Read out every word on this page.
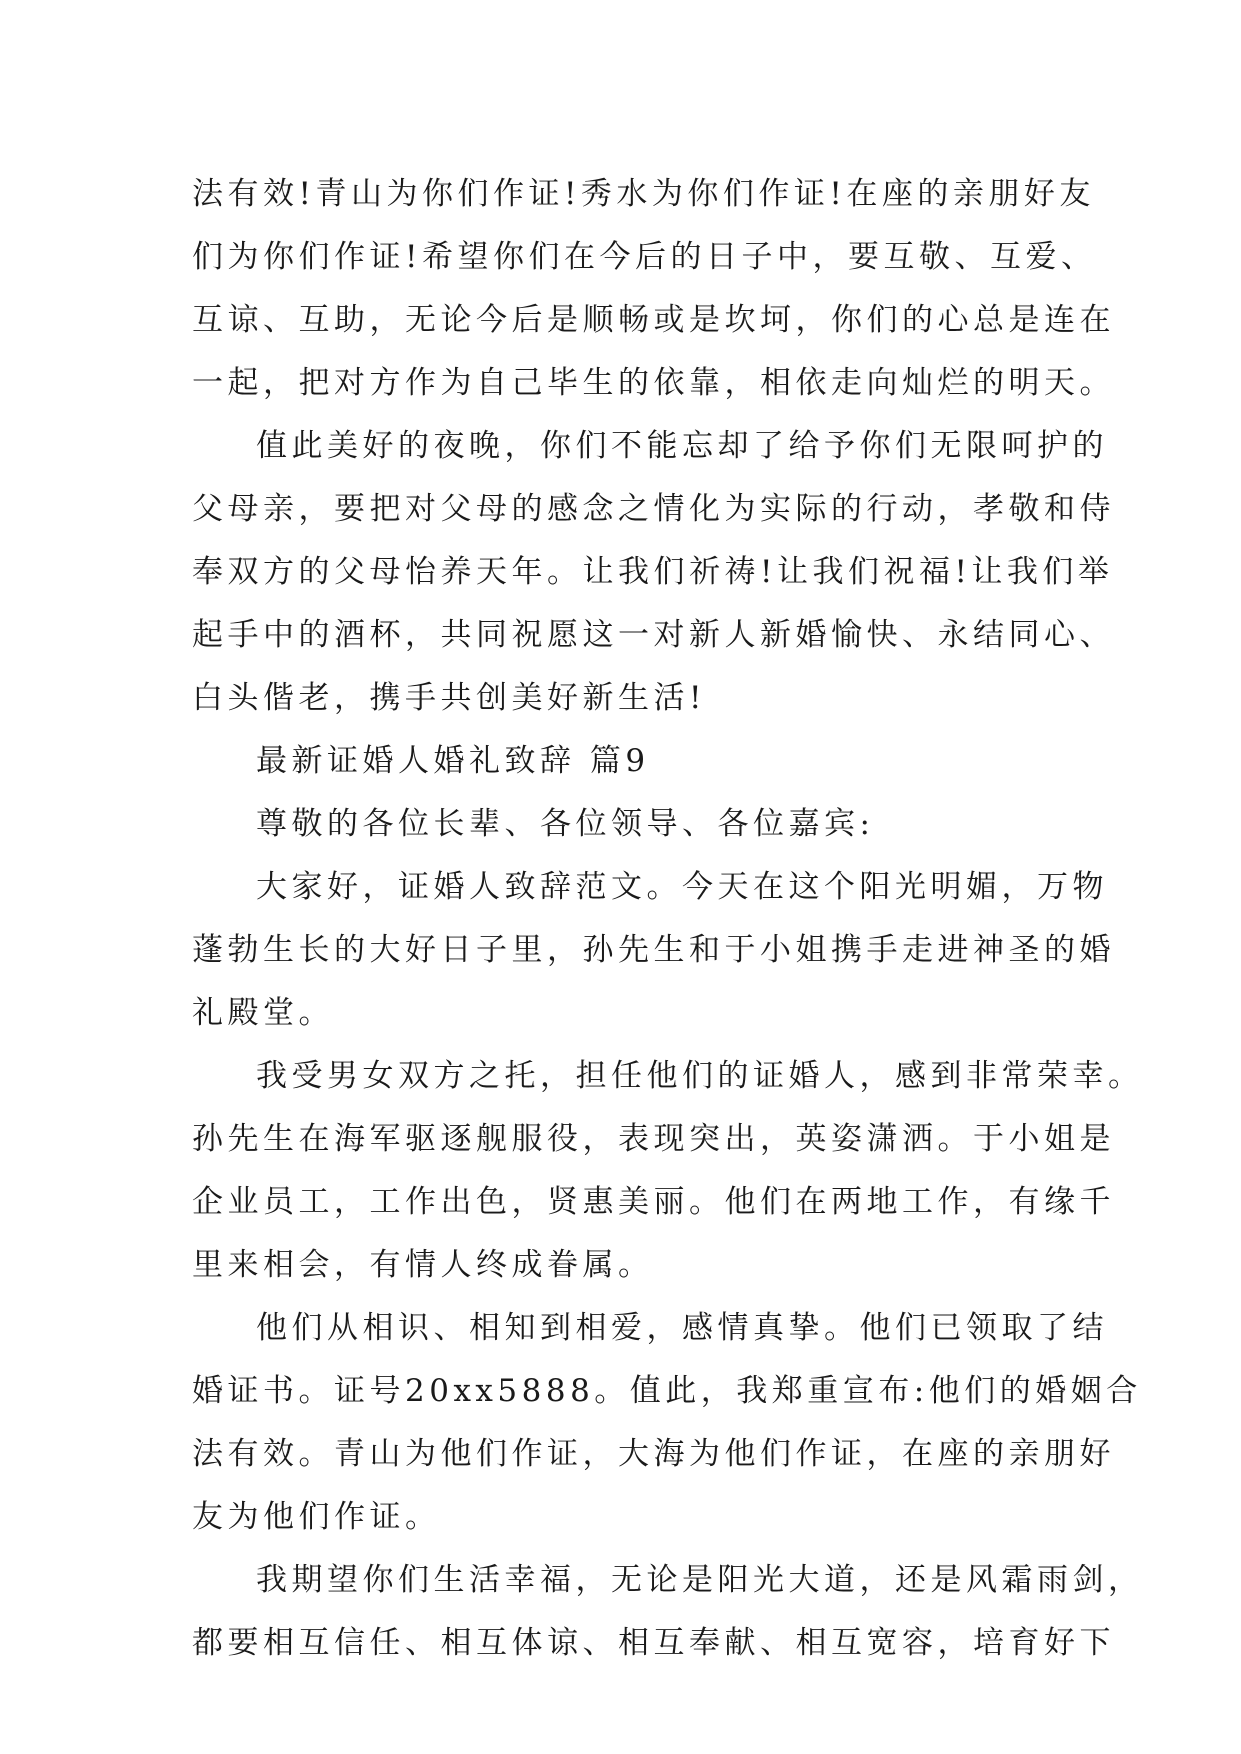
法有效!青山为你们作证!秀水为你们作证!在座的亲朋好友
们为你们作证!希望你们在今后的日子中，要互敬、互爱、
互谅、互助，无论今后是顺畅或是坎坷，你们的心总是连在
一起，把对方作为自己毕生的依靠，相依走向灿烂的明天。
值此美好的夜晚，你们不能忘却了给予你们无限呵护的
父母亲，要把对父母的感念之情化为实际的行动，孝敬和侍
奉双方的父母怡养天年。让我们祈祷!让我们祝福!让我们举
起手中的酒杯，共同祝愿这一对新人新婚愉快、永结同心、
白头偕老，携手共创美好新生活!
最新证婚人婚礼致辞 篇9
尊敬的各位长辈、各位领导、各位嘉宾:
大家好，证婚人致辞范文。今天在这个阳光明媚，万物
蓬勃生长的大好日子里，孙先生和于小姐携手走进神圣的婚
礼殿堂。
我受男女双方之托，担任他们的证婚人，感到非常荣幸。
孙先生在海军驱逐舰服役，表现突出，英姿潇洒。于小姐是
企业员工，工作出色，贤惠美丽。他们在两地工作，有缘千
里来相会，有情人终成眷属。
他们从相识、相知到相爱，感情真挚。他们已领取了结
婚证书。证号20xx5888。值此，我郑重宣布:他们的婚姻合
法有效。青山为他们作证，大海为他们作证，在座的亲朋好
友为他们作证。
我期望你们生活幸福，无论是阳光大道，还是风霜雨剑，
都要相互信任、相互体谅、相互奉献、相互宽容，培育好下
